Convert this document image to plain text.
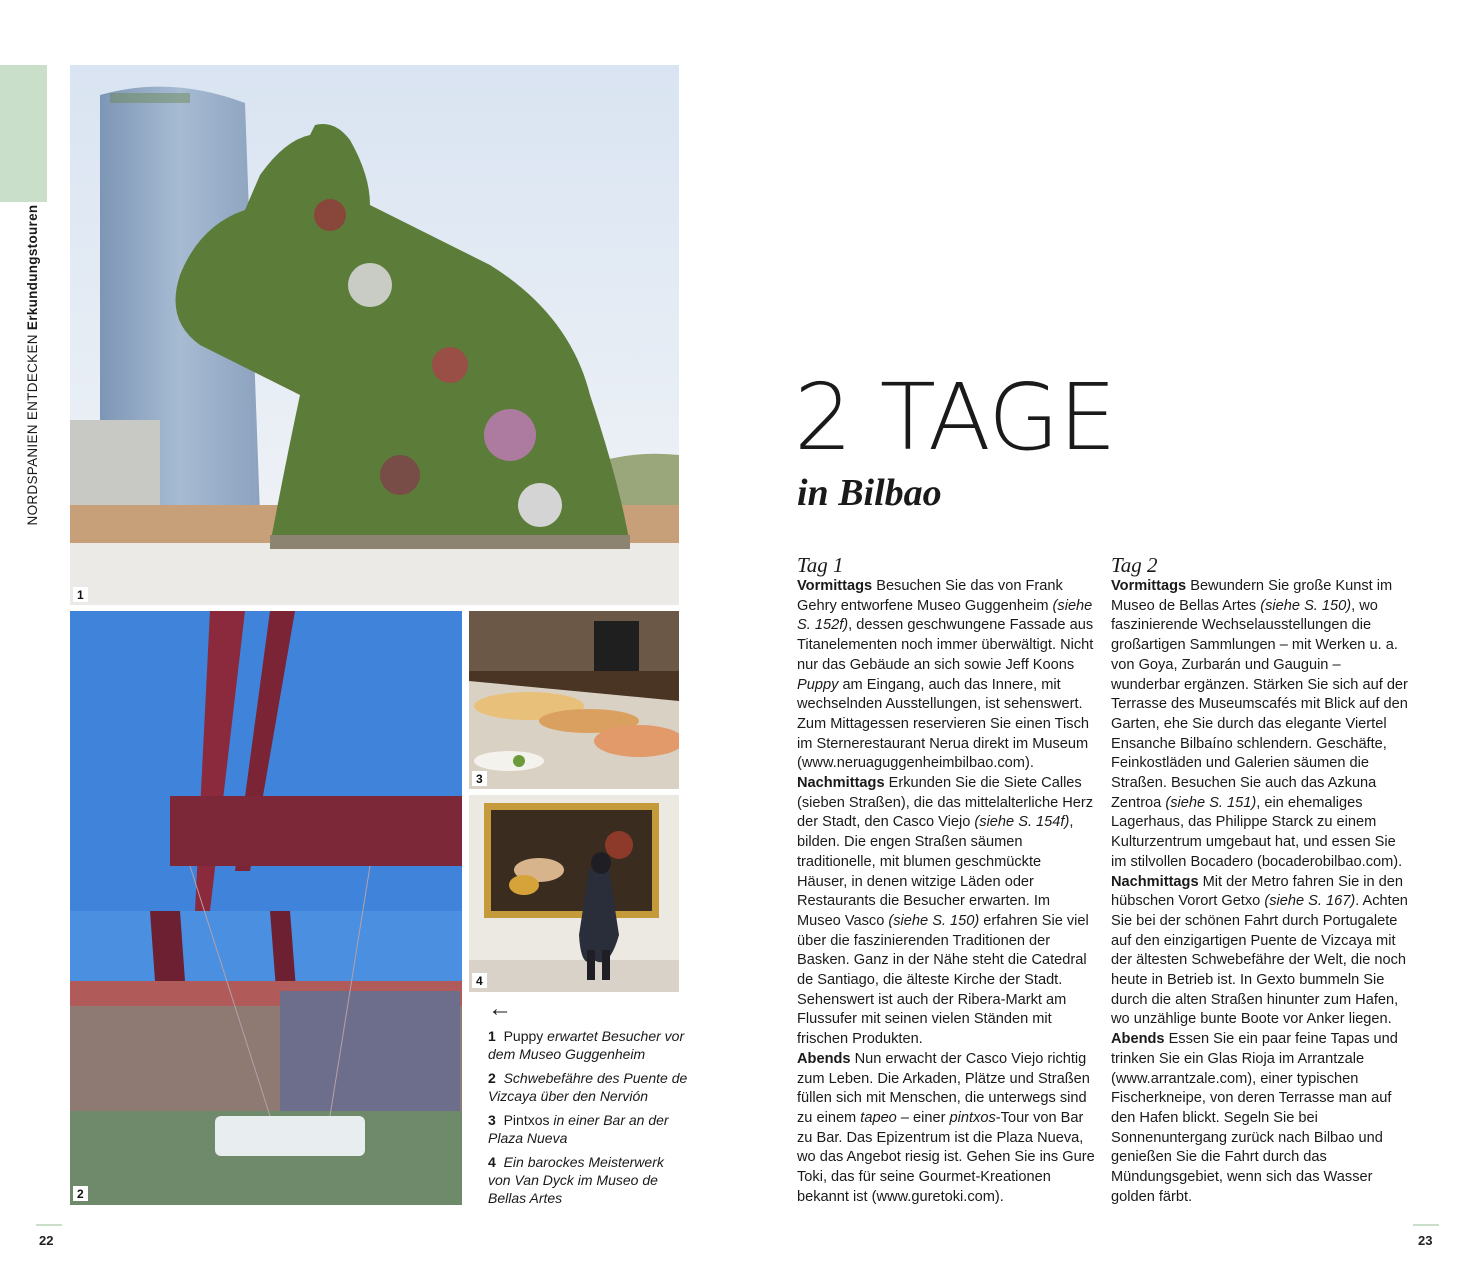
NORDSPANIEN ENTDECKEN Erkundungstouren
1
2
3
4
2 TAGE
in Bilbao
Tag 1

Vormittags Besuchen Sie das von Frank Gehry entworfene Museo Guggenheim (siehe S. 152f), dessen geschwungene Fassade aus Titanelementen noch immer überwältigt. Nicht nur das Gebäude an sich sowie Jeff Koons Puppy am Eingang, auch das Innere, mit wechselnden Ausstellungen, ist sehenswert. Zum Mittagessen reservieren Sie einen Tisch im Sternerestaurant Nerua direkt im Museum (www.neruaguggenheimbilbao.com).

Nachmittags Erkunden Sie die Siete Calles (sieben Straßen), die das mittelalterliche Herz der Stadt, den Casco Viejo (siehe S. 154f), bilden. Die engen Straßen säumen traditionelle, mit blumen geschmückte Häuser, in denen witzige Läden oder Restaurants die Besucher erwarten. Im Museo Vasco (siehe S. 150) erfahren Sie viel über die faszinierenden Traditionen der Basken. Ganz in der Nähe steht die Catedral de Santiago, die älteste Kirche der Stadt. Sehenswert ist auch der Ribera-Markt am Flussufer mit seinen vielen Ständen mit frischen Produkten.

Abends Nun erwacht der Casco Viejo richtig zum Leben. Die Arkaden, Plätze und Straßen füllen sich mit Menschen, die unterwegs sind zu einem tapeo – einer pintxos-Tour von Bar zu Bar. Das Epizentrum ist die Plaza Nueva, wo das Angebot riesig ist. Gehen Sie ins Gure Toki, das für seine Gourmet-Kreationen bekannt ist (www.guretoki.com).

Tag 2

Vormittags Bewundern Sie große Kunst im Museo de Bellas Artes (siehe S. 150), wo faszinierende Wechselausstellungen die großartigen Sammlungen – mit Werken u. a. von Goya, Zurbarán und Gauguin – wunderbar ergänzen. Stärken Sie sich auf der Terrasse des Museumscafés mit Blick auf den Garten, ehe Sie durch das elegante Viertel Ensanche Bilbaíno schlendern. Geschäfte, Feinkostläden und Galerien säumen die Straßen. Besuchen Sie auch das Azkuna Zentroa (siehe S. 151), ein ehemaliges Lagerhaus, das Philippe Starck zu einem Kulturzentrum umgebaut hat, und essen Sie im stilvollen Bocadero (bocaderobilbao.com).

Nachmittags Mit der Metro fahren Sie in den hübschen Vorort Getxo (siehe S. 167). Achten Sie bei der schönen Fahrt durch Portugalete auf den einzigartigen Puente de Vizcaya mit der ältesten Schwebefähre der Welt, die noch heute in Betrieb ist. In Gexto bummeln Sie durch die alten Straßen hinunter zum Hafen, wo unzählige bunte Boote vor Anker liegen.

Abends Essen Sie ein paar feine Tapas und trinken Sie ein Glas Rioja im Arrantzale (www.arrantzale.com), einer typischen Fischerkneipe, von deren Terrasse man auf den Hafen blickt. Segeln Sie bei Sonnenuntergang zurück nach Bilbao und genießen Sie die Fahrt durch das Mündungsgebiet, wenn sich das Wasser golden färbt.

←
1 Puppy erwartet Besucher vor dem Museo Guggenheim
2 Schwebefähre des Puente de Vizcaya über den Nervión
3 Pintxos in einer Bar an der Plaza Nueva
4 Ein barockes Meisterwerk von Van Dyck im Museo de Bellas Artes
22	23
